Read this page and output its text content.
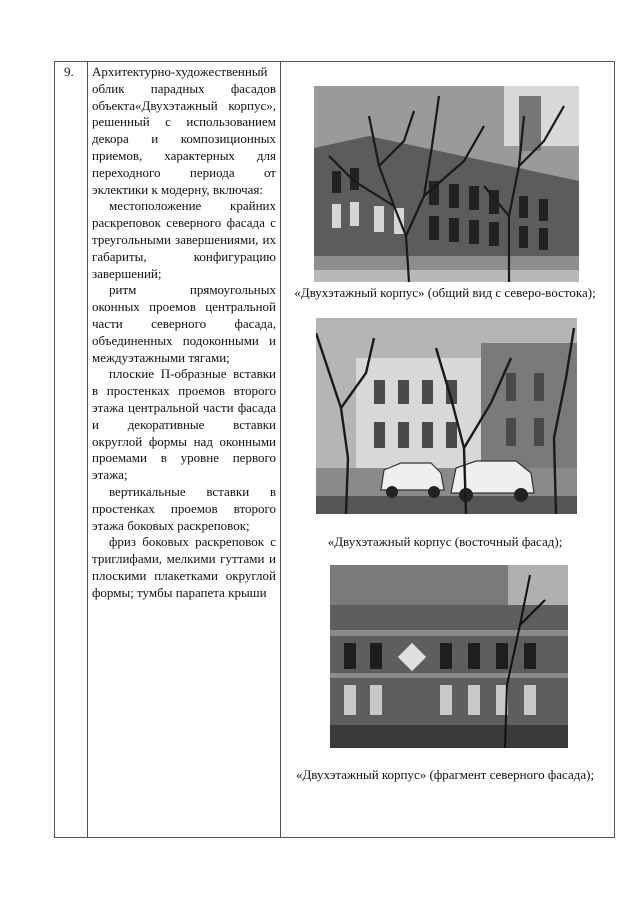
9. Архитектурно-художественный облик парадных фасадов объекта«Двухэтажный корпус», решенный с использованием декора и композиционных приемов, характерных для переходного периода от эклектики к модерну, включая:

местоположение крайних раскреповок северного фасада с треугольными завершениями, их габариты, конфигурацию завершений;

ритм прямоугольных оконных проемов центральной части северного фасада, объединенных подоконными и междуэтажными тягами;

плоские П-образные вставки в простенках проемов второго этажа центральной части фасада и декоративные вставки округлой формы над оконными проемами в уровне первого этажа;

вертикальные вставки в простенках проемов второго этажа боковых раскреповок;

фриз боковых раскреповок с триглифами, мелкими гуттами и плоскими плакетками округлой формы; тумбы парапета крыши

«Двухэтажный корпус» (общий вид с северо-востока);
«Двухэтажный корпус (восточный фасад);
«Двухэтажный корпус» (фрагмент северного фасада);
